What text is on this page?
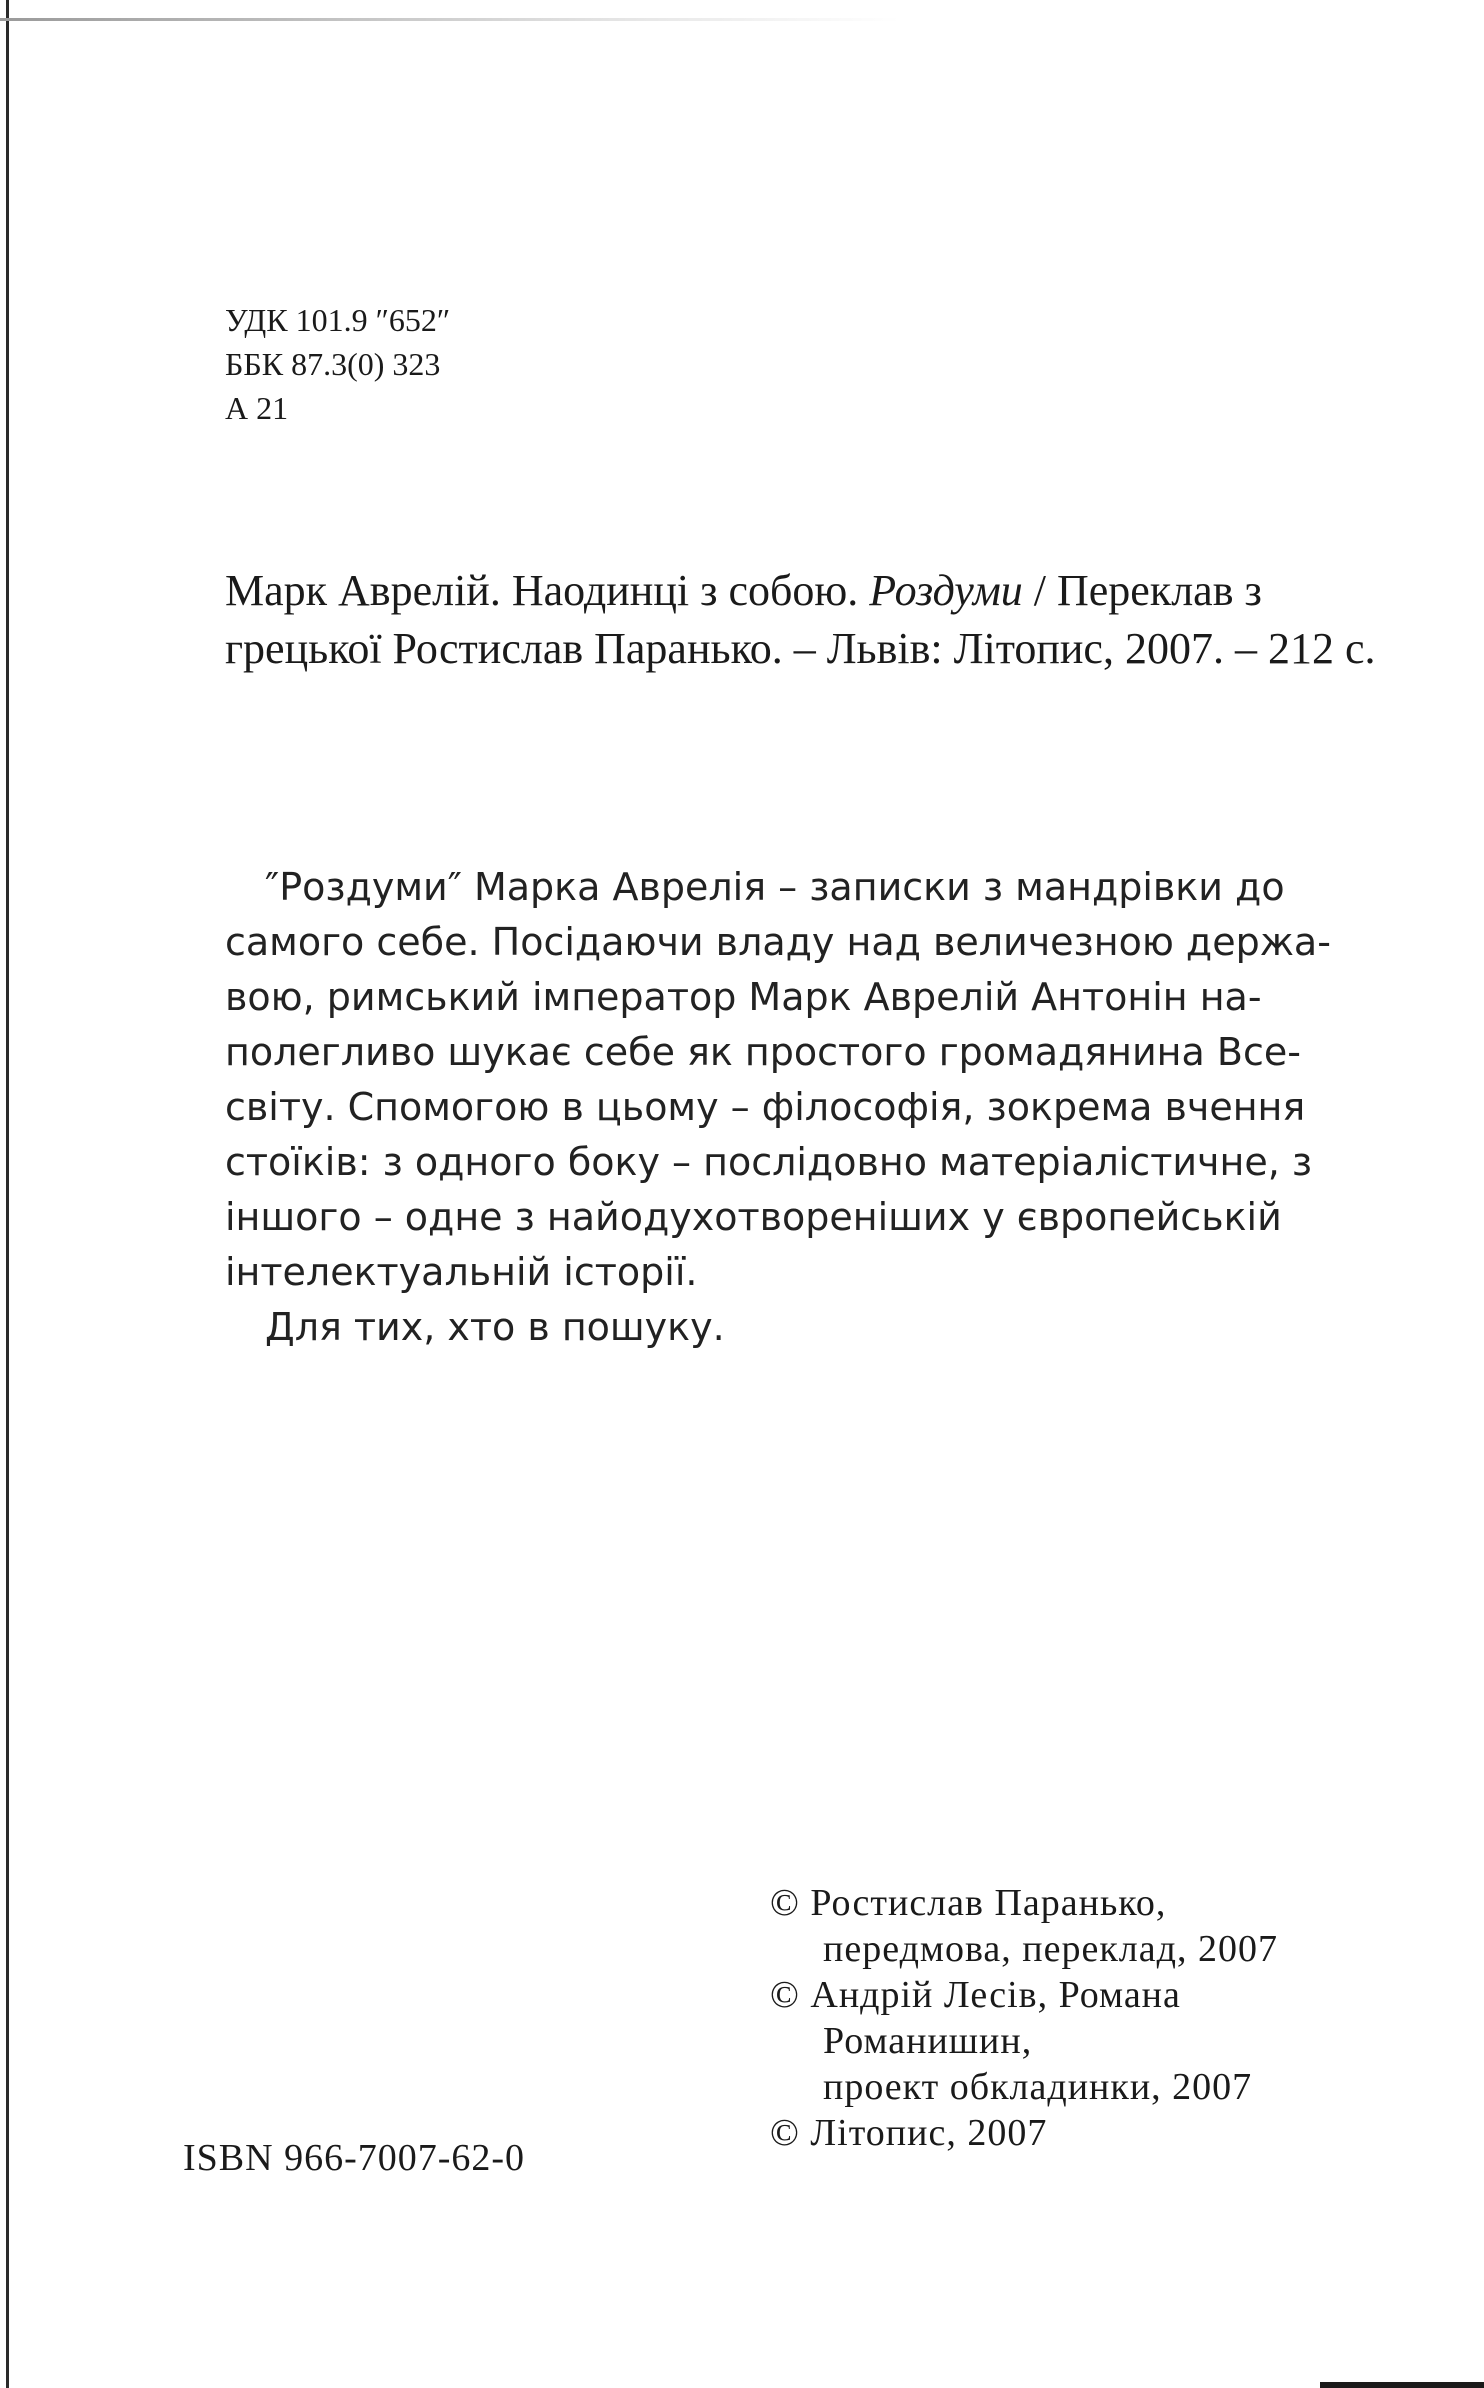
УДК 101.9 ″652″
ББК 87.3(0) 323
А 21
Марк Аврелій. Наодинці з собою. Роздуми / Переклав з
грецької Ростислав Паранько. – Львів: Літопис, 2007. – 212 с.
″Роздуми″ Марка Аврелія – записки з мандрівки до
самого себе. Посідаючи владу над величезною держа-
вою, римський імператор Марк Аврелій Антонін на-
полегливо шукає себе як простого громадянина Все-
світу. Спомогою в цьому – філософія, зокрема вчення
стоїків: з одного боку – послідовно матеріалістичне, з
іншого – одне з найодухотвореніших у європейській
інтелектуальній історії.
Для тих, хто в пошуку.
© Ростислав Паранько,
передмова, переклад, 2007
© Андрій Лесів, Романа
Романишин,
проект обкладинки, 2007
© Літопис, 2007
ISBN 966-7007-62-0
